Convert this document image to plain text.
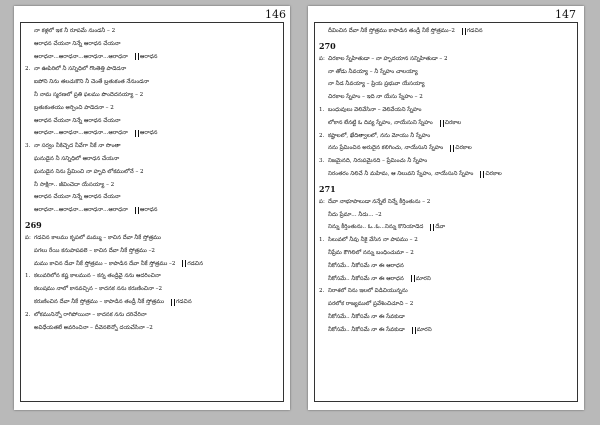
146
నా కళ్లలో ఇక నీ రూపమే నుండనీ – 2
ఆరాధన చేయనా నిన్నే ఆరాధన చేయనా
ఆరాధనా...ఆరాధనా...ఆరాధనా...ఆరాధనా ఆరాధన
2. నా ఊపిరిలో నీ సన్నిధిలో గొంతెత్తి పాడెదనా
ఐపోని నిను తలచుకొని నీ చెంతే బ్రతుకంత నేనుండనా
నీ నామ స్మరణలో ప్రతి ఫలము పొందెదనయ్యా – 2
బ్రతుకంతయు అర్పించి పాడెదనా – 2
ఆరాధన చేయనా నిన్నే ఆరాధన చేయనా
ఆరాధనా...ఆరాధనా...ఆరాధనా...ఆరాధనా ఆరాధన
3. నా సర్వం నీకిచ్చెద నీవేగా నీకే నా సొంతా
ఘనుడైన నీ సన్నిధిలో ఆరాధన చేయనా
ఘనుడైన నిను ప్రేమించి నా హృది లోకములోనే – 2
నీ సాక్షిగా.. జీవించెదా యేసయ్యా – 2
ఆరాధన చేయనా నిన్నే ఆరాధన చేయనా
ఆరాధనా...ఆరాధనా...ఆరాధనా...ఆరాధనా ఆరాధన
269
ప: గడచిన కాలము కృపలో మమ్ము – కాచిన దేవా నీకే స్తోత్రము
పగలు రేయి కనుపాపవలె – కాచిన దేవా నీకే స్తోత్రము –2
మము కాచిన దేవా నీకే స్తోత్రము – కాపాడిన దేవా నీకే స్తోత్రము –2 గడచిన
1. కలువరిలోన కష్ట కాలమున – కన్న తండ్రివై నను ఆదరించినా
కలుషము నాలో కానవచ్చిన – కాదనక నను కరుణించినా –2
కరుణించిన దేవా నీకే స్తోత్రము – కాపాడిన తండ్రీ నీకే స్తోత్రము గడచిన
2. లోకమునిన్నో రాగిపోయినా – కాదనక నను దరిచేరినా
అవిధేయతలే అవరించినా – దీవెనలెన్నో దయచేసినా –2
147
దీవించిన దేవా నీకే స్తోత్రము కాపాడిన తండ్రీ నీకే స్తోత్రము–2 గడచిన
270
ప: చిరకాల స్నేహితుడా – నా హృదయాన సన్నిహితుడా – 2
నా తోడు నీవయ్యా – నీ స్నేహం చాలయ్యా
నా నీడ నీవయ్యా – ప్రియ ప్రభువా యేసయ్యా
చిరకాల స్నేహం – ఇది నా యేసు స్నేహం – 2
1. బంధువులు వెలివేసినా – వెలివేయని స్నేహం
లోకాన లేనట్టి ఓ దివ్య స్నేహం, నాయేసుని స్నేహం చిరకాల
2. కష్టాలలో, ఖేదిత్వాలలో, నను మోయు నీ స్నేహం
నను ప్రేమించిన అరుదైన కలిగించు, నాయేసుని స్నేహం చిరకాల
3. నిజమైనది, నిరుపమైనది – ప్రేమించు నీ స్నేహం
నిరంతరం నిలిచే నీ మహిమ, ఆ నిలువని స్నేహం, నాయేసుని స్నేహం చిరకాల
271
ప: దేవా నాభూపాలుడా నన్నేలే నిన్నే కీర్తింతును – 2
నీదు ప్రేమా... నీదు... –2
నిన్ను కీర్తింతును.. ఓ..ఓ...నిన్ను కొనియాడెద దేవా
1. సిలువలో నీవు నీకై వేసిన నా పాపము – 2
నీప్రేమ కౌగిలిలో నన్ను బంధించుమా – 2
నీకోసమే.. నీకోసమే నా ఈ ఆరాధన
నీకోసమే.. నీకోసమే నా ఈ ఆరాధన మారని
2. నిరాశలో నిను ఇలలో విడిచియున్నను
పరలోక రాజ్యములో ప్రవేశించిచూచి – 2
నీకోసమే.. నీకోసమే నా ఈ సేవకుడా
నీకోసమే.. నీకోసమే నా ఈ సేవకుడా మారని
